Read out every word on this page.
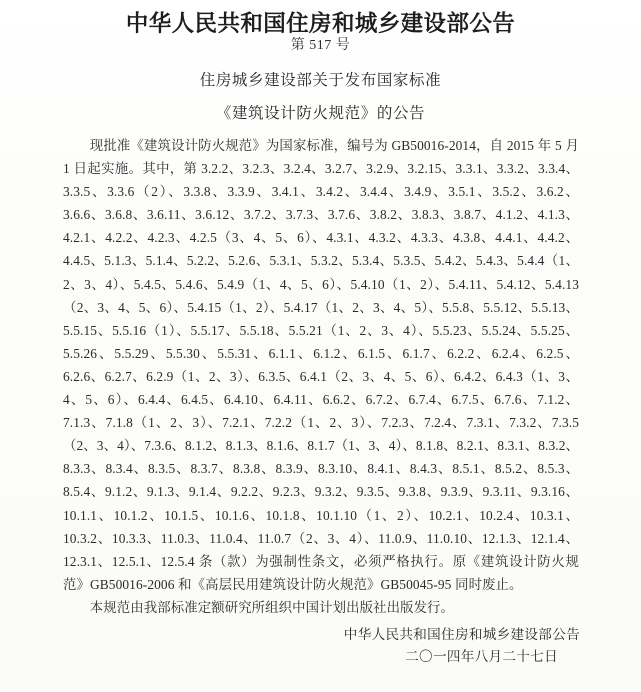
中华人民共和国住房和城乡建设部公告
第 517 号
住房城乡建设部关于发布国家标准
《建筑设计防火规范》的公告

现批准《建筑设计防火规范》为国家标准，编号为 GB50016-2014，自 2015 年 5 月 1 日起实施。其中，第 3.2.2、3.2.3、3.2.4、3.2.7、3.2.9、3.2.15、3.3.1、3.3.2、3.3.4、3.3.5、3.3.6（2）、3.3.8、3.3.9、3.4.1、3.4.2、3.4.4、3.4.9、3.5.1、3.5.2、3.6.2、3.6.6、3.6.8、3.6.11、3.6.12、3.7.2、3.7.3、3.7.6、3.8.2、3.8.3、3.8.7、4.1.2、4.1.3、4.2.1、4.2.2、4.2.3、4.2.5（3、4、5、6）、4.3.1、4.3.2、4.3.3、4.3.8、4.4.1、4.4.2、4.4.5、5.1.3、5.1.4、5.2.2、5.2.6、5.3.1、5.3.2、5.3.4、5.3.5、5.4.2、5.4.3、5.4.4（1、2、3、4）、5.4.5、5.4.6、5.4.9（1、4、5、6）、5.4.10（1、2）、5.4.11、5.4.12、5.4.13（2、3、4、5、6）、5.4.15（1、2）、5.4.17（1、2、3、4、5）、5.5.8、5.5.12、5.5.13、5.5.15、5.5.16（1）、5.5.17、5.5.18、5.5.21（1、2、3、4）、5.5.23、5.5.24、5.5.25、5.5.26、5.5.29、5.5.30、5.5.31、6.1.1、6.1.2、6.1.5、6.1.7、6.2.2、6.2.4、6.2.5、6.2.6、6.2.7、6.2.9（1、2、3）、6.3.5、6.4.1（2、3、4、5、6）、6.4.2、6.4.3（1、3、4、5、6）、6.4.4、6.4.5、6.4.10、6.4.11、6.6.2、6.7.2、6.7.4、6.7.5、6.7.6、7.1.2、7.1.3、7.1.8（1、2、3）、7.2.1、7.2.2（1、2、3）、7.2.3、7.2.4、7.3.1、7.3.2、7.3.5（2、3、4）、7.3.6、8.1.2、8.1.3、8.1.6、8.1.7（1、3、4）、8.1.8、8.2.1、8.3.1、8.3.2、8.3.3、8.3.4、8.3.5、8.3.7、8.3.8、8.3.9、8.3.10、8.4.1、8.4.3、8.5.1、8.5.2、8.5.3、8.5.4、9.1.2、9.1.3、9.1.4、9.2.2、9.2.3、9.3.2、9.3.5、9.3.8、9.3.9、9.3.11、9.3.16、10.1.1、10.1.2、10.1.5、10.1.6、10.1.8、10.1.10（1、2）、10.2.1、10.2.4、10.3.1、10.3.2、10.3.3、11.0.3、11.0.4、11.0.7（2、3、4）、11.0.9、11.0.10、12.1.3、12.1.4、12.3.1、12.5.1、12.5.4 条（款）为强制性条文，必须严格执行。原《建筑设计防火规范》GB50016-2006 和《高层民用建筑设计防火规范》GB50045-95 同时废止。

本规范由我部标准定额研究所组织中国计划出版社出版发行。

中华人民共和国住房和城乡建设部公告
二〇一四年八月二十七日
